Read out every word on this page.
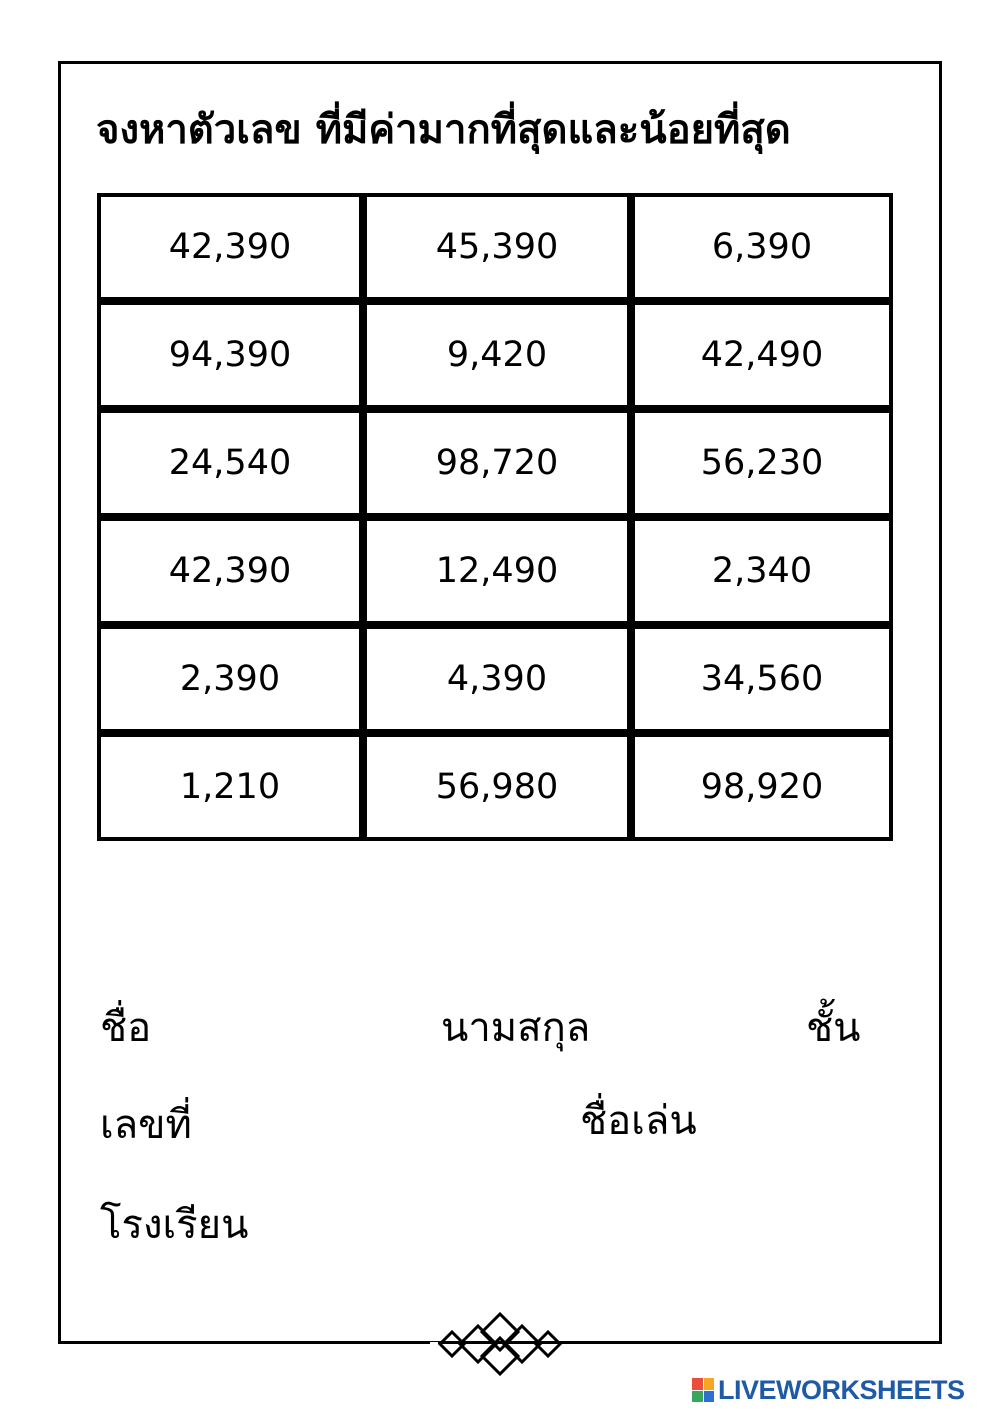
จงหาตัวเลข ที่มีค่ามากที่สุดและน้อยที่สุด
42,390	45,390	6,390
94,390	9,420	42,490
24,540	98,720	56,230
42,390	12,490	2,340
2,390	4,390	34,560
1,210	56,980	98,920
ชื่อ	นามสกุล	ชั้น
เลขที่	ชื่อเล่น
โรงเรียน
LIVEWORKSHEETS
